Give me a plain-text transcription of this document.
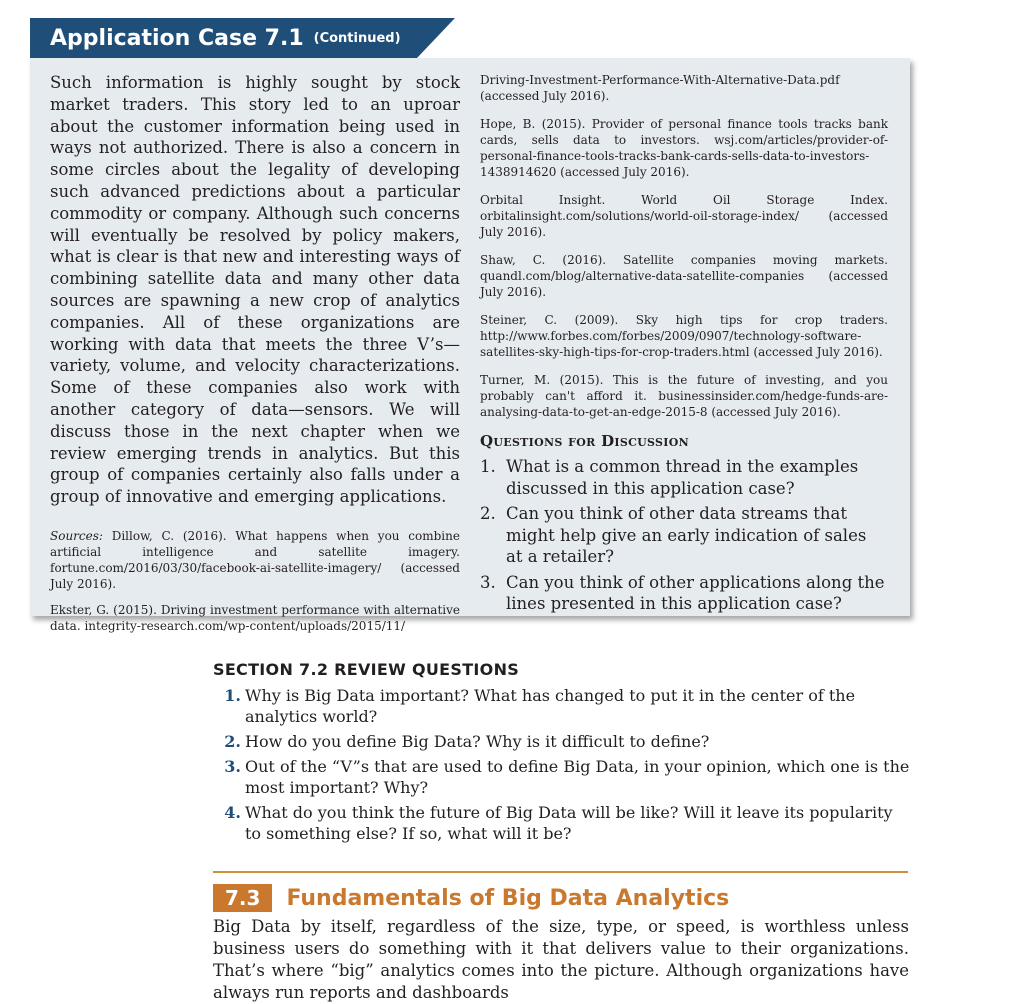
Application Case 7.1 (Continued)

Such information is highly sought by stock market traders. This story led to an uproar about the customer information being used in ways not authorized. There is also a concern in some circles about the legality of developing such advanced predictions about a particular commodity or company. Although such concerns will eventually be resolved by policy makers, what is clear is that new and interesting ways of combining satellite data and many other data sources are spawning a new crop of analytics companies. All of these organizations are working with data that meets the three V’s—variety, volume, and velocity characterizations. Some of these companies also work with another category of data—sensors. We will discuss those in the next chapter when we review emerging trends in analytics. But this group of companies certainly also falls under a group of innovative and emerging applications.

Sources: Dillow, C. (2016). What happens when you combine artificial intelligence and satellite imagery. fortune.com/2016/03/30/facebook-ai-satellite-imagery/ (accessed July 2016).

Ekster, G. (2015). Driving investment performance with alternative data. integrity-research.com/wp-content/uploads/2015/11/

Driving-Investment-Performance-With-Alternative-Data.pdf (accessed July 2016).

Hope, B. (2015). Provider of personal finance tools tracks bank cards, sells data to investors. wsj.com/articles/provider-of-personal-finance-tools-tracks-bank-cards-sells-data-to-investors-1438914620 (accessed July 2016).

Orbital Insight. World Oil Storage Index. orbitalinsight.com/solutions/world-oil-storage-index/ (accessed July 2016).

Shaw, C. (2016). Satellite companies moving markets. quandl.com/blog/alternative-data-satellite-companies (accessed July 2016).

Steiner, C. (2009). Sky high tips for crop traders. http://www.forbes.com/forbes/2009/0907/technology-software-satellites-sky-high-tips-for-crop-traders.html (accessed July 2016).

Turner, M. (2015). This is the future of investing, and you probably can't afford it. businessinsider.com/hedge-funds-are-analysing-data-to-get-an-edge-2015-8 (accessed July 2016).

Questions for Discussion
1. What is a common thread in the examples discussed in this application case?
2. Can you think of other data streams that might help give an early indication of sales at a retailer?
3. Can you think of other applications along the lines presented in this application case?
SECTION 7.2 REVIEW QUESTIONS
1. Why is Big Data important? What has changed to put it in the center of the analytics world?
2. How do you define Big Data? Why is it difficult to define?
3. Out of the “V”s that are used to define Big Data, in your opinion, which one is the most important? Why?
4. What do you think the future of Big Data will be like? Will it leave its popularity to something else? If so, what will it be?
7.3	Fundamentals of Big Data Analytics

Big Data by itself, regardless of the size, type, or speed, is worthless unless business users do something with it that delivers value to their organizations. That’s where “big” analytics comes into the picture. Although organizations have always run reports and dashboards
